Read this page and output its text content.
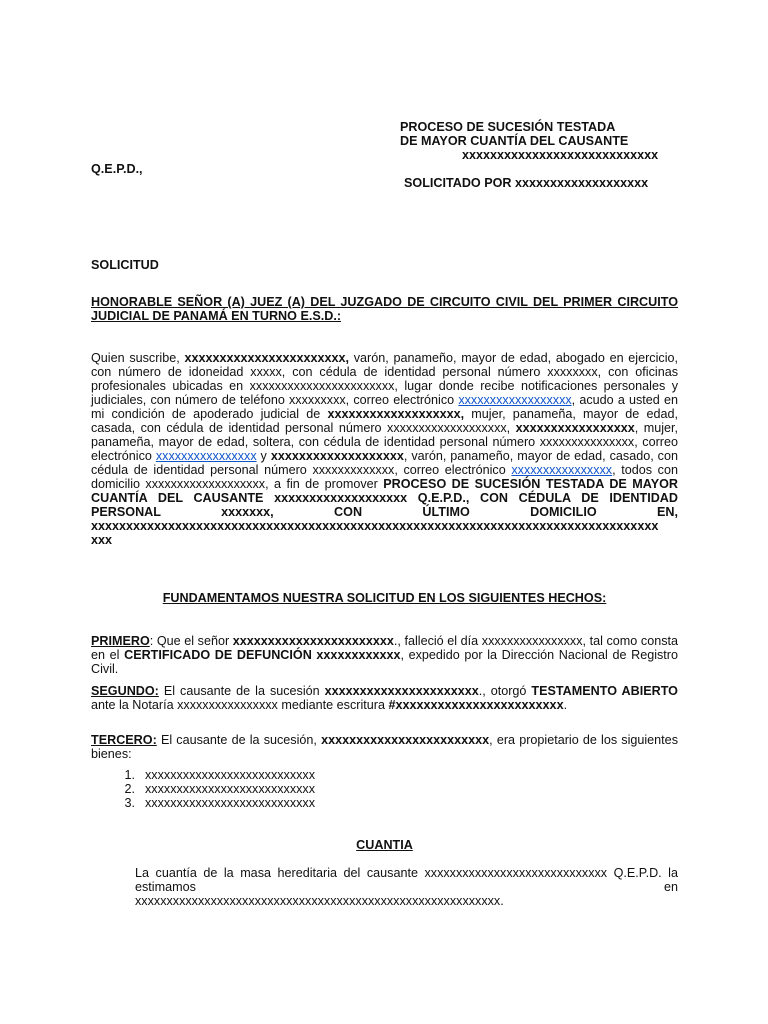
PROCESO DE SUCESIÓN TESTADA
DE MAYOR CUANTÍA DEL CAUSANTE
xxxxxxxxxxxxxxxxxxxxxxxxxxxx
Q.E.P.D.,
SOLICITADO POR xxxxxxxxxxxxxxxxxxx
SOLICITUD
HONORABLE SEÑOR (A) JUEZ (A) DEL JUZGADO DE CIRCUITO CIVIL DEL PRIMER CIRCUITO JUDICIAL DE PANAMÁ EN TURNO E.S.D.:
Quien suscribe, xxxxxxxxxxxxxxxxxxxxxxx, varón, panameño, mayor de edad, abogado en ejercicio, con número de idoneidad xxxxx, con cédula de identidad personal número xxxxxxxx, con oficinas profesionales ubicadas en xxxxxxxxxxxxxxxxxxxxxxx, lugar donde recibe notificaciones personales y judiciales, con número de teléfono xxxxxxxxx, correo electrónico xxxxxxxxxxxxxxxxxx, acudo a usted en mi condición de apoderado judicial de xxxxxxxxxxxxxxxxxxx, mujer, panameña, mayor de edad, casada, con cédula de identidad personal número xxxxxxxxxxxxxxxxxxx, xxxxxxxxxxxxxxxxx, mujer, panameña, mayor de edad, soltera, con cédula de identidad personal número xxxxxxxxxxxxxxx, correo electrónico xxxxxxxxxxxxxxxx y xxxxxxxxxxxxxxxxxxx, varón, panameño, mayor de edad, casado, con cédula de identidad personal número xxxxxxxxxxxxx, correo electrónico xxxxxxxxxxxxxxxx, todos con domicilio xxxxxxxxxxxxxxxxxxx, a fin de promover PROCESO DE SUCESIÓN TESTADA DE MAYOR CUANTÍA DEL CAUSANTE xxxxxxxxxxxxxxxxxxx Q.E.P.D., CON CÉDULA DE IDENTIDAD PERSONAL xxxxxxx, CON ÚLTIMO DOMICILIO EN, xxxxxxxxxxxxxxxxxxxxxxxxxxxxxxxxxxxxxxxxxxxxxxxxxxxxxxxxxxxxxxxxxxxxxxxxxxxxxxxxx xxx
FUNDAMENTAMOS NUESTRA SOLICITUD EN LOS SIGUIENTES HECHOS:
PRIMERO: Que el señor xxxxxxxxxxxxxxxxxxxxxxx., falleció el día xxxxxxxxxxxxxxxx, tal como consta en el CERTIFICADO DE DEFUNCIÓN xxxxxxxxxxxx, expedido por la Dirección Nacional de Registro Civil.
SEGUNDO: El causante de la sucesión xxxxxxxxxxxxxxxxxxxxxx., otorgó TESTAMENTO ABIERTO ante la Notaría xxxxxxxxxxxxxxxx mediante escritura #xxxxxxxxxxxxxxxxxxxxxxxx.
TERCERO: El causante de la sucesión, xxxxxxxxxxxxxxxxxxxxxxxx, era propietario de los siguientes bienes:
1. xxxxxxxxxxxxxxxxxxxxxxxxxxx
2. xxxxxxxxxxxxxxxxxxxxxxxxxxx
3. xxxxxxxxxxxxxxxxxxxxxxxxxxx
CUANTIA
La cuantía de la masa hereditaria del causante xxxxxxxxxxxxxxxxxxxxxxxxxxxxx Q.E.P.D. la estimamos en
xxxxxxxxxxxxxxxxxxxxxxxxxxxxxxxxxxxxxxxxxxxxxxxxxxxxxxxxxx.
